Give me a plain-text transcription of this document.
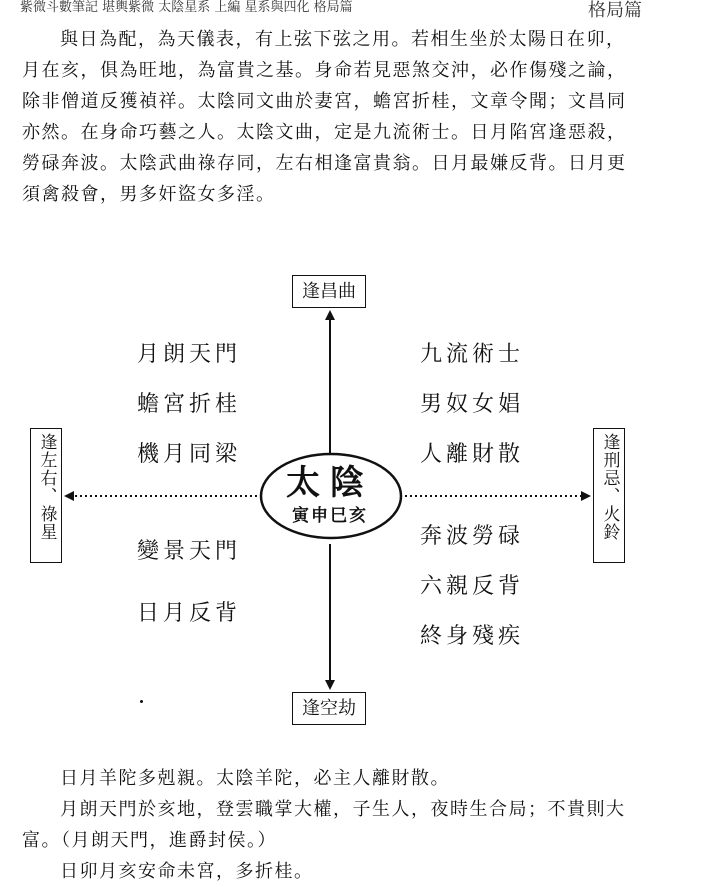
紫微斗數筆記 堪輿紫微 太陰星系 上編 星系與四化 格局篇	格局篇
與日為配，為天儀表，有上弦下弦之用。若相生坐於太陽日在卯，
月在亥，俱為旺地，為富貴之基。身命若見惡煞交沖，必作傷殘之論，
除非僧道反獲禎祥。太陰同文曲於妻宮，蟾宮折桂，文章令聞；文昌同
亦然。在身命巧藝之人。太陰文曲，定是九流術士。日月陷宮逢惡殺，
勞碌奔波。太陰武曲祿存同，左右相逢富貴翁。日月最嫌反背。日月更
須禽殺會，男多奸盜女多淫。
太陰
寅申巳亥
逢昌曲
逢空劫
逢左右、祿星	逢刑忌、火鈴
月朗天門
蟾宮折桂
機月同梁
變景天門
日月反背
九流術士
男奴女娼
人離財散
奔波勞碌
六親反背
終身殘疾
日月羊陀多剋親。太陰羊陀，必主人離財散。
月朗天門於亥地，登雲職掌大權，子生人，夜時生合局；不貴則大
富。（月朗天門，進爵封侯。）
日卯月亥安命未宮，多折桂。
